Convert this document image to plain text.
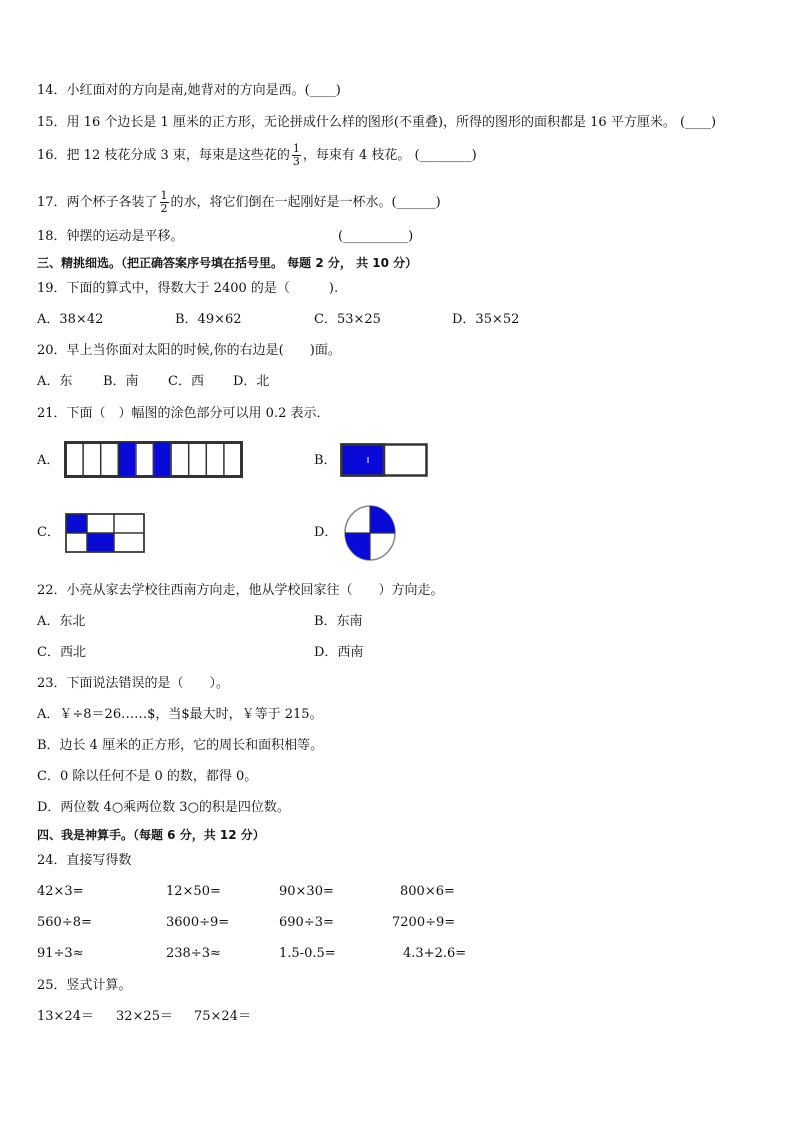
14．小红面对的方向是南,她背对的方向是西。(____)
15．用 16 个边长是 1 厘米的正方形，无论拼成什么样的图形(不重叠)，所得的图形的面积都是 16 平方厘米。 (____)
16．把 12 枝花分成 3 束，每束是这些花的 $\frac{1}{3}$ ，每束有 4 枝花。 (________)
17．两个杯子各装了 $\frac{1}{2}$ 的水，将它们倒在一起刚好是一杯水。(______)
18．钟摆的运动是平移。	(__________)
三、精挑细选。（把正确答案序号填在括号里。 每题 2 分， 共 10 分）
19．下面的算式中，得数大于 2400 的是（　　　).
A．38×42	B．49×62	C．53×25	D．35×52
20．早上当你面对太阳的时候,你的右边是(　　)面。
A．东 B．南 C．西 D．北
21．下面（　）幅图的涂色部分可以用 0.2 表示．
A．	B．
C．	D．
22．小亮从家去学校往西南方向走，他从学校回家往（　　）方向走。
A．东北	B．东南
C．西北	D．西南
23．下面说法错误的是（　　）。
A．￥÷8＝26……$，当$最大时，￥等于 215。
B．边长 4 厘米的正方形，它的周长和面积相等。
C．0 除以任何不是 0 的数，都得 0。
D．两位数 4○乘两位数 3○的积是四位数。
四、我是神算手。（每题 6 分，共 12 分）
24．直接写得数
42×3=	12×50=	90×30=	800×6=
560÷8=	3600÷9=	690÷3=	7200÷9=
91÷3≈	238÷3≈	1.5-0.5=	4.3+2.6=
25．竖式计算。
13×24＝ 32×25＝ 75×24＝
